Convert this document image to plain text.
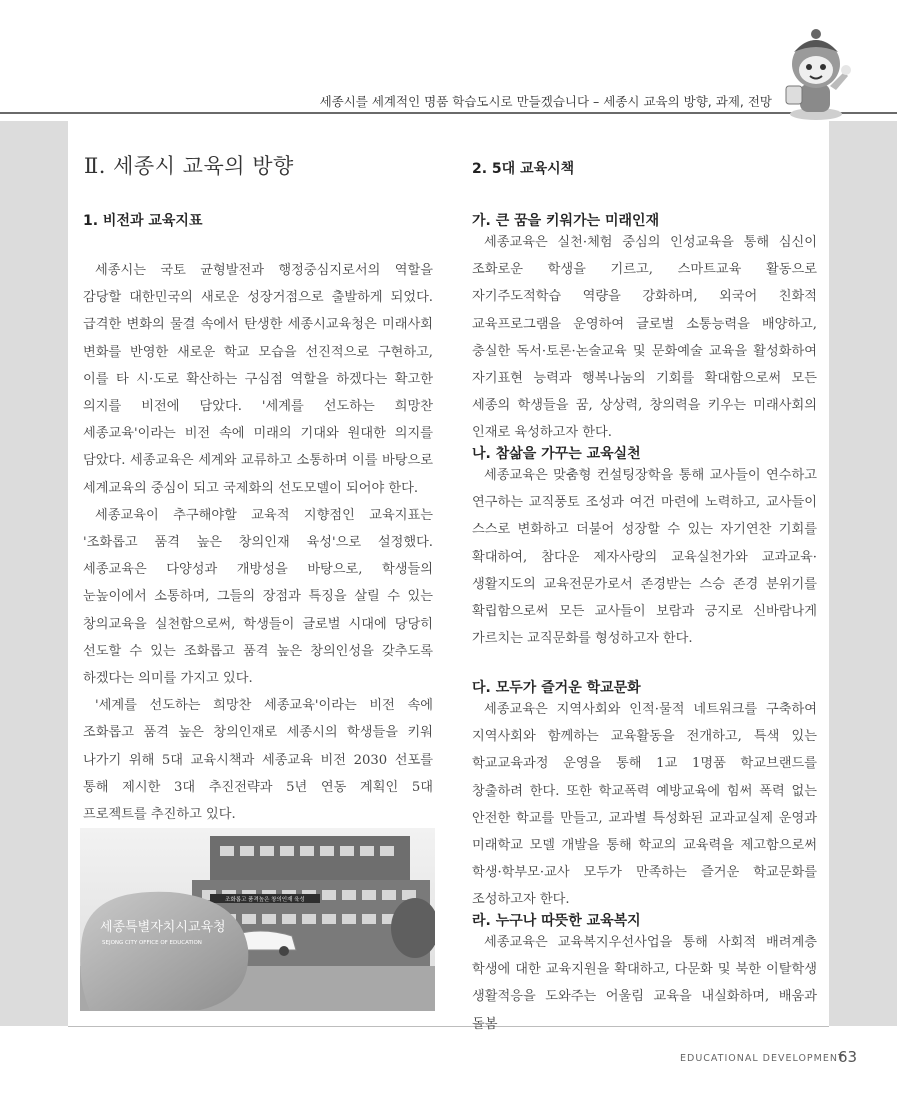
세종시를 세계적인 명품 학습도시로 만들겠습니다 – 세종시 교육의 방향, 과제, 전망
Ⅱ. 세종시 교육의 방향
1. 비전과 교육지표

세종시는 국토 균형발전과 행정중심지로서의 역할을 감당할 대한민국의 새로운 성장거점으로 출발하게 되었다. 급격한 변화의 물결 속에서 탄생한 세종시교육청은 미래사회 변화를 반영한 새로운 학교 모습을 선진적으로 구현하고, 이를 타 시·도로 확산하는 구심점 역할을 하겠다는 확고한 의지를 비전에 담았다. '세계를 선도하는 희망찬 세종교육'이라는 비전 속에 미래의 기대와 원대한 의지를 담았다. 세종교육은 세계와 교류하고 소통하며 이를 바탕으로 세계교육의 중심이 되고 국제화의 선도모델이 되어야 한다.

세종교육이 추구해야할 교육적 지향점인 교육지표는 '조화롭고 품격 높은 창의인재 육성'으로 설정했다. 세종교육은 다양성과 개방성을 바탕으로, 학생들의 눈높이에서 소통하며, 그들의 장점과 특징을 살릴 수 있는 창의교육을 실천함으로써, 학생들이 글로벌 시대에 당당히 선도할 수 있는 조화롭고 품격 높은 창의인성을 갖추도록 하겠다는 의미를 가지고 있다.

'세계를 선도하는 희망찬 세종교육'이라는 비전 속에 조화롭고 품격 높은 창의인재로 세종시의 학생들을 키워 나가기 위해 5대 교육시책과 세종교육 비전 2030 선포를 통해 제시한 3대 추진전략과 5년 연동 계획인 5대 프로젝트를 추진하고 있다.

조화롭고 품격높은 창의인재 육성
세종특별자치시교육청
SEJONG CITY OFFICE OF EDUCATION
2. 5대 교육시책
가. 큰 꿈을 키워가는 미래인재

세종교육은 실천·체험 중심의 인성교육을 통해 심신이 조화로운 학생을 기르고, 스마트교육 활동으로 자기주도적학습 역량을 강화하며, 외국어 친화적 교육프로그램을 운영하여 글로벌 소통능력을 배양하고, 충실한 독서·토론·논술교육 및 문화예술 교육을 활성화하여 자기표현 능력과 행복나눔의 기회를 확대함으로써 모든 세종의 학생들을 꿈, 상상력, 창의력을 키우는 미래사회의 인재로 육성하고자 한다.

나. 참삶을 가꾸는 교육실천

세종교육은 맞춤형 컨설팅장학을 통해 교사들이 연수하고 연구하는 교직풍토 조성과 여건 마련에 노력하고, 교사들이 스스로 변화하고 더불어 성장할 수 있는 자기연찬 기회를 확대하여, 참다운 제자사랑의 교육실천가와 교과교육·생활지도의 교육전문가로서 존경받는 스승 존경 분위기를 확립함으로써 모든 교사들이 보람과 긍지로 신바람나게 가르치는 교직문화를 형성하고자 한다.

다. 모두가 즐거운 학교문화

세종교육은 지역사회와 인적·물적 네트워크를 구축하여 지역사회와 함께하는 교육활동을 전개하고, 특색 있는 학교교육과정 운영을 통해 1교 1명품 학교브랜드를 창출하려 한다. 또한 학교폭력 예방교육에 힘써 폭력 없는 안전한 학교를 만들고, 교과별 특성화된 교과교실제 운영과 미래학교 모델 개발을 통해 학교의 교육력을 제고함으로써 학생·학부모·교사 모두가 만족하는 즐거운 학교문화를 조성하고자 한다.

라. 누구나 따뜻한 교육복지

세종교육은 교육복지우선사업을 통해 사회적 배려계층 학생에 대한 교육지원을 확대하고, 다문화 및 북한 이탈학생 생활적응을 도와주는 어울림 교육을 내실화하며, 배움과 돌봄

EDUCATIONAL DEVELOPMENT
63
